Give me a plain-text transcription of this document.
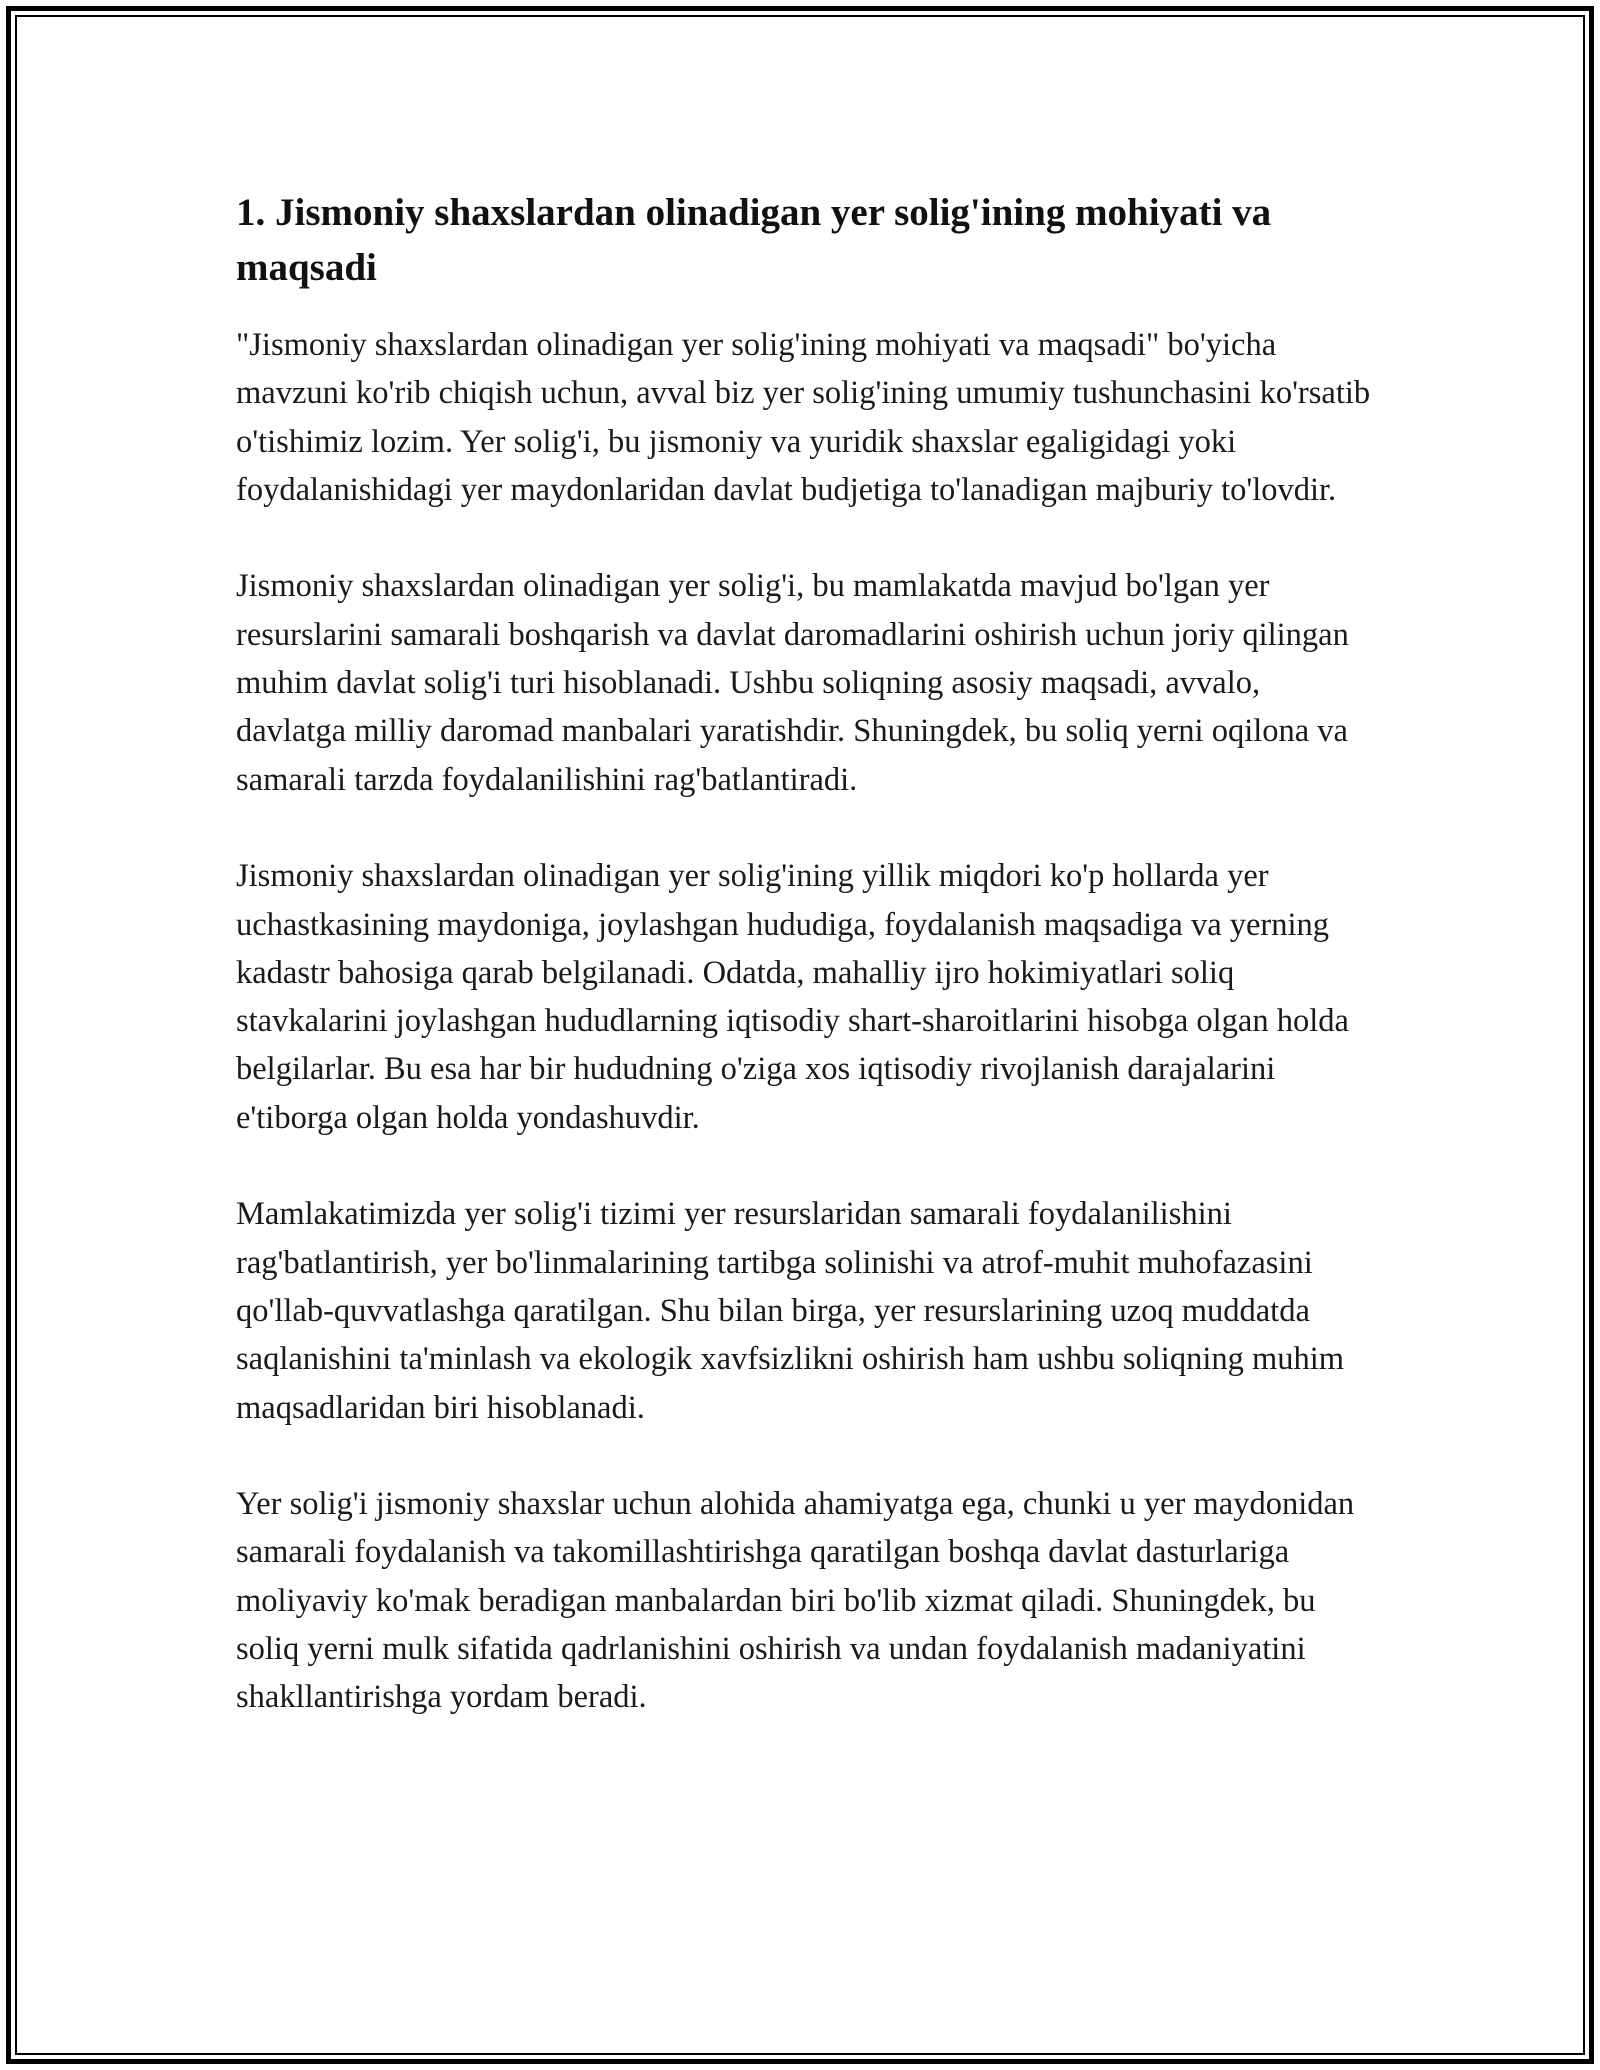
1. Jismoniy shaxslardan olinadigan yer solig'ining mohiyati va maqsadi

"Jismoniy shaxslardan olinadigan yer solig'ining mohiyati va maqsadi" bo'yicha mavzuni ko'rib chiqish uchun, avval biz yer solig'ining umumiy tushunchasini ko'rsatib o'tishimiz lozim. Yer solig'i, bu jismoniy va yuridik shaxslar egaligidagi yoki foydalanishidagi yer maydonlaridan davlat budjetiga to'lanadigan majburiy to'lovdir.

Jismoniy shaxslardan olinadigan yer solig'i, bu mamlakatda mavjud bo'lgan yer resurslarini samarali boshqarish va davlat daromadlarini oshirish uchun joriy qilingan muhim davlat solig'i turi hisoblanadi. Ushbu soliqning asosiy maqsadi, avvalo, davlatga milliy daromad manbalari yaratishdir. Shuningdek, bu soliq yerni oqilona va samarali tarzda foydalanilishini rag'batlantiradi.

Jismoniy shaxslardan olinadigan yer solig'ining yillik miqdori ko'p hollarda yer uchastkasining maydoniga, joylashgan hududiga, foydalanish maqsadiga va yerning kadastr bahosiga qarab belgilanadi. Odatda, mahalliy ijro hokimiyatlari soliq stavkalarini joylashgan hududlarning iqtisodiy shart-sharoitlarini hisobga olgan holda belgilarlar. Bu esa har bir hududning o'ziga xos iqtisodiy rivojlanish darajalarini e'tiborga olgan holda yondashuvdir.

Mamlakatimizda yer solig'i tizimi yer resurslaridan samarali foydalanilishini rag'batlantirish, yer bo'linmalarining tartibga solinishi va atrof-muhit muhofazasini qo'llab-quvvatlashga qaratilgan. Shu bilan birga, yer resurslarining uzoq muddatda saqlanishini ta'minlash va ekologik xavfsizlikni oshirish ham ushbu soliqning muhim maqsadlaridan biri hisoblanadi.

Yer solig'i jismoniy shaxslar uchun alohida ahamiyatga ega, chunki u yer maydonidan samarali foydalanish va takomillashtirishga qaratilgan boshqa davlat dasturlariga moliyaviy ko'mak beradigan manbalardan biri bo'lib xizmat qiladi. Shuningdek, bu soliq yerni mulk sifatida qadrlanishini oshirish va undan foydalanish madaniyatini shakllantirishga yordam beradi.
